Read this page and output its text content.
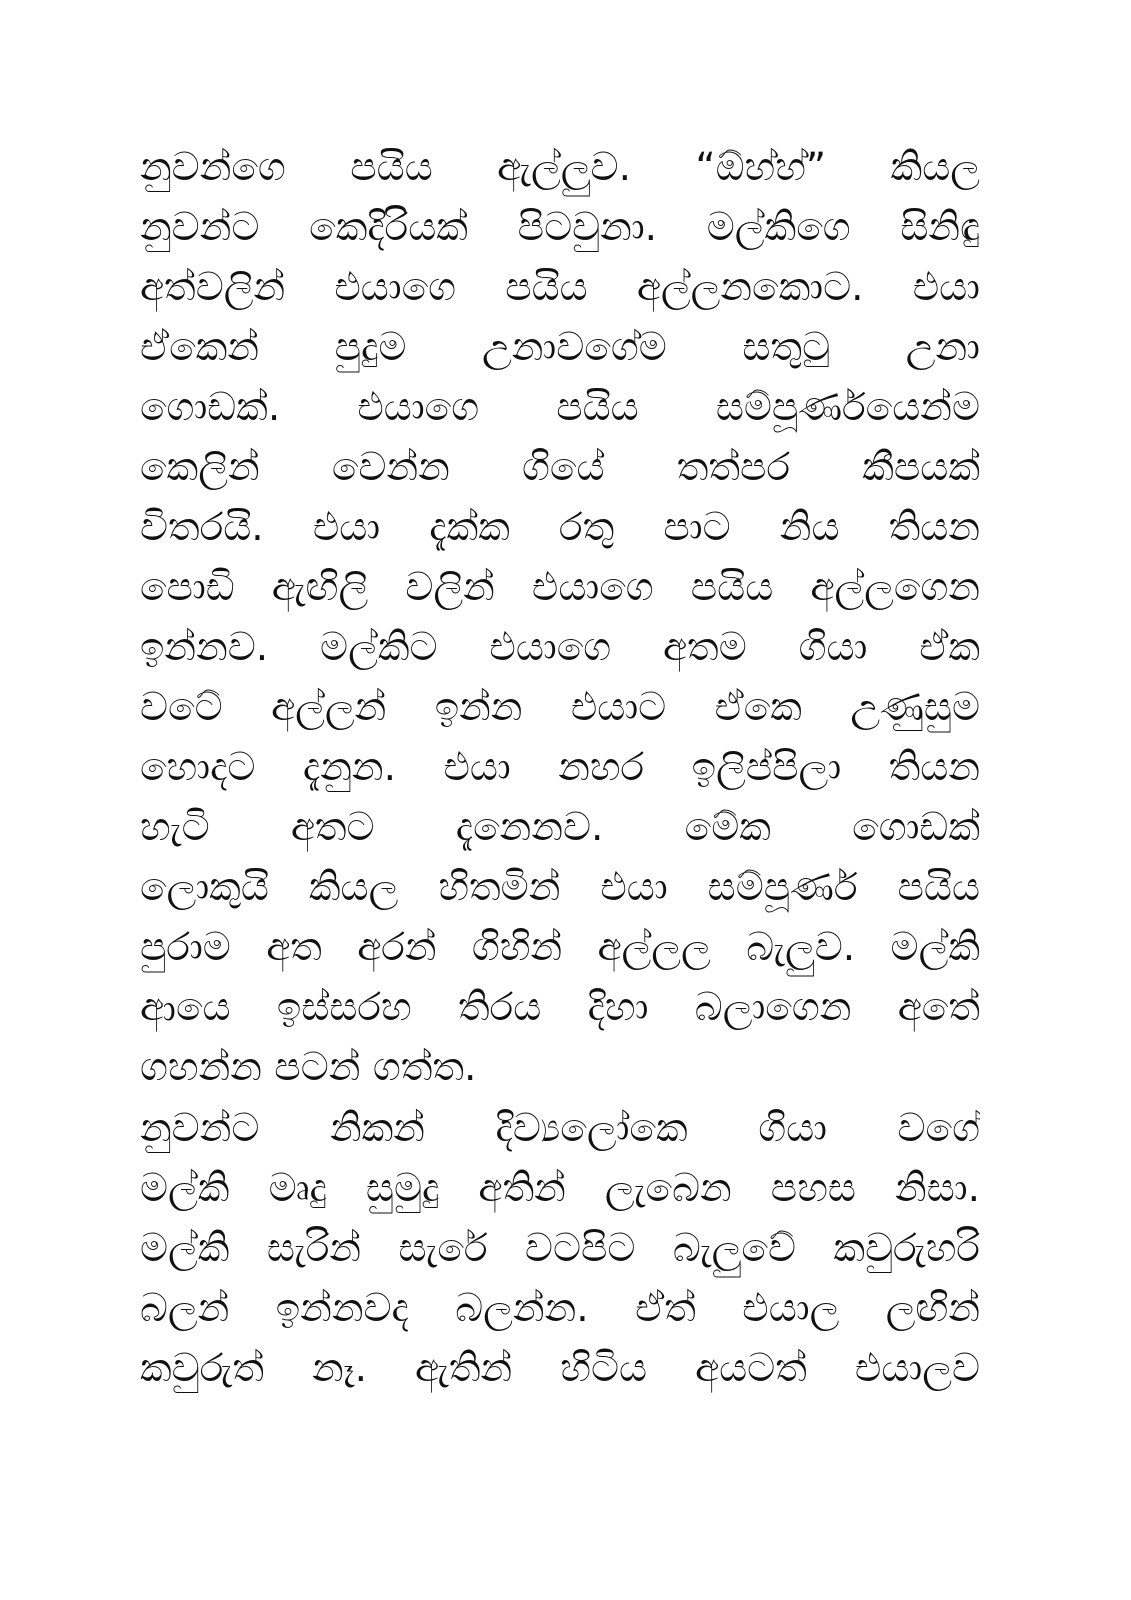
නුවන්ගෙ පයිය ඇල්ලුව. “ඕහ්හ්” කියල
නුවන්ට කෙදිරියක් පිටවුනා. මල්කිගෙ සිනිඳු
අත්වලින් එයාගෙ පයිය අල්ලනකොට. එයා
ඒකෙන් පුදුම උනාවගේම සතුටු උනා
ගොඩක්. එයාගෙ පයිය සම්පූර්ණයෙන්ම
කෙලින් වෙන්න ගියේ තත්පර කීපයක්
විතරයි. එයා දැක්ක රතු පාට නිය තියන
පොඩි ඇඟිලි වලින් එයාගෙ පයිය අල්ලගෙන
ඉන්නව. මල්කිට එයාගෙ අතම ගියා ඒක
වටේ අල්ලන් ඉන්න එයාට ඒකෙ උණුසුම
හොදට දැනුන. එයා නහර ඉලිප්පිලා තියන
හැටි අතට දැනෙනව. මේක ගොඩක්
ලොකුයි කියල හිතමින් එයා සම්පූර්ණ පයිය
පුරාම අත අරන් ගිහින් අල්ලල බැලුව. මල්කි
ආයෙ ඉස්සරහ තිරය දිහා බලාගෙන අතේ
ගහන්න පටන් ගත්ත.
නුවන්ට නිකන් දිව්‍යලෝකෙ ගියා වගේ
මල්කි මෘදු සුමුදු අතින් ලැබෙන පහස නිසා.
මල්කි සැරින් සැරේ වටපිට බැලුවේ කවුරුහරි
බලන් ඉන්නවද බලන්න. ඒත් එයාල ලඟින්
කවුරුත් නෑ. ඇතින් හිටිය අයටත් එයාලව
